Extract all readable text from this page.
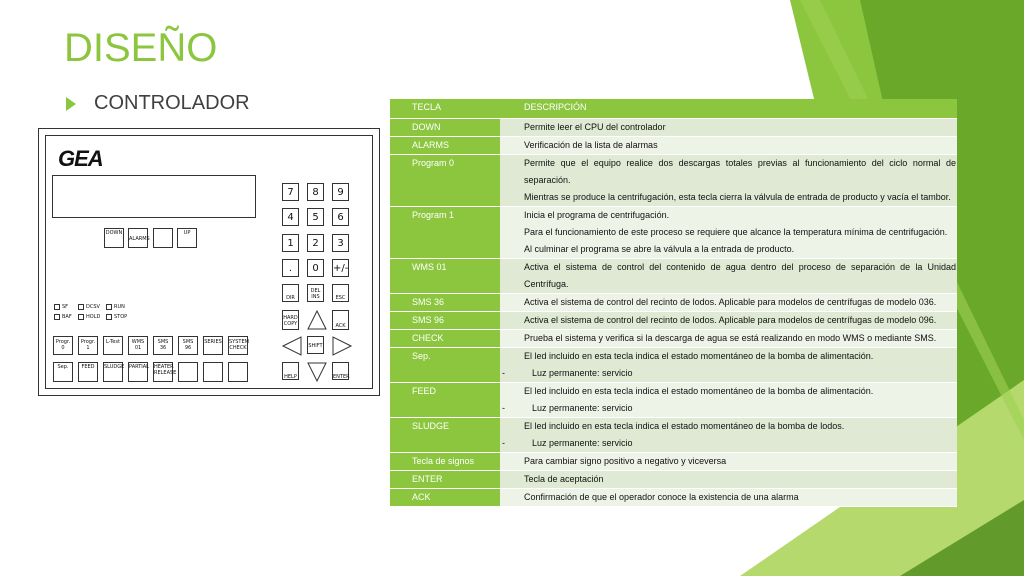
DISEÑO
CONTROLADOR
GEA
7	8	9
4	5	6
1	2	3
.	0	+/-
DIR
DEL
INS	ESC
HARD
COPY	ACK
SHIFT
HELP	ENTER
DOWN
ALARMS
UP
SF	DCSV	RUN
BAF	HOLD	STOP
Progr.
0
Progr.
1
L-Test	WMS
01
SMS
36
SMS
96
SERIES SYSTEM
CHECK
Sep.	FEED	SLUDGE PARTIAL HEATER
RELEASE
TECLA	DESCRIPCIÓN
DOWN	Permite leer el CPU del controlador

ALARMS	Verificación de la lista de alarmas

Program 0	Permite que el equipo realice dos descargas totales previas al funcionamiento del ciclo normal de separación.
Mientras se produce la centrifugación, esta tecla cierra la válvula de entrada de producto y vacía el tambor.

Program 1	Inicia el programa de centrifugación.
Para el funcionamiento de este proceso se requiere que alcance la temperatura mínima de centrifugación.
Al culminar el programa se abre la válvula a la entrada de producto.

WMS 01	Activa el sistema de control del contenido de agua dentro del proceso de separación de la Unidad Centrífuga.

SMS 36	Activa el sistema de control del recinto de lodos. Aplicable para modelos de centrífugas de modelo 036.

SMS 96	Activa el sistema de control del recinto de lodos. Aplicable para modelos de centrífugas de modelo 096.

CHECK	Prueba el sistema y verifica si la descarga de agua se está realizando en modo WMS o mediante SMS.

Sep.	El led incluido en esta tecla indica el estado momentáneo de la bomba de alimentación.
- Luz permanente: servicio

FEED	El led incluido en esta tecla indica el estado momentáneo de la bomba de alimentación.
- Luz permanente: servicio

SLUDGE	El led incluido en esta tecla indica el estado momentáneo de la bomba de lodos.
- Luz permanente: servicio

Tecla de signos	Para cambiar signo positivo a negativo y viceversa

ENTER	Tecla de aceptación

ACK	Confirmación de que el operador conoce la existencia de una alarma
